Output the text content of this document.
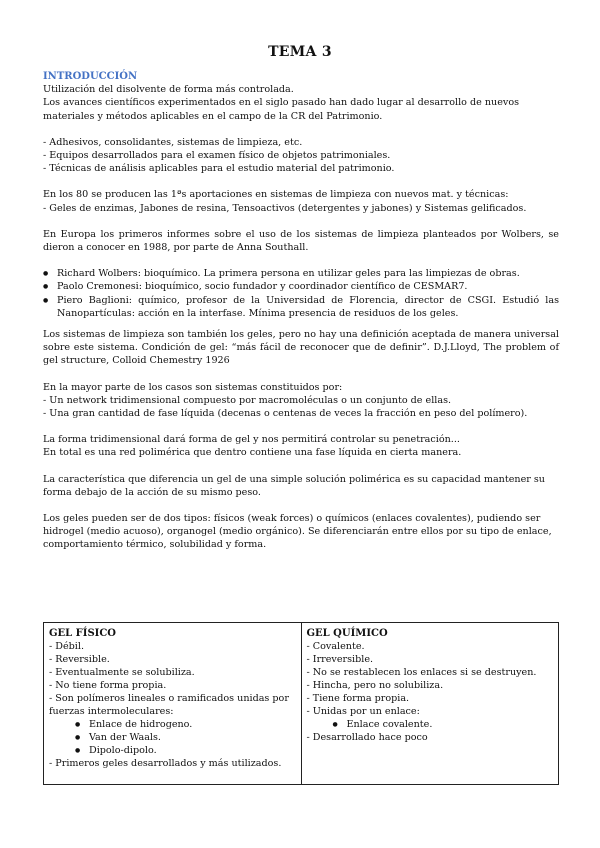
TEMA 3

INTRODUCCIÓN

Utilización del disolvente de forma más controlada.

Los avances científicos experimentados en el siglo pasado han dado lugar al desarrollo de nuevos materiales y métodos aplicables en el campo de la CR del Patrimonio.

- Adhesivos, consolidantes, sistemas de limpieza, etc.

- Equipos desarrollados para el examen físico de objetos patrimoniales.

- Técnicas de análisis aplicables para el estudio material del patrimonio.

En los 80 se producen las 1ªs aportaciones en sistemas de limpieza con nuevos mat. y técnicas:

- Geles de enzimas, Jabones de resina, Tensoactivos (detergentes y jabones) y Sistemas gelificados.

En Europa los primeros informes sobre el uso de los sistemas de limpieza planteados por Wolbers, se dieron a conocer en 1988, por parte de Anna Southall.

● Richard Wolbers: bioquímico. La primera persona en utilizar geles para las limpiezas de obras.
● Paolo Cremonesi: bioquímico, socio fundador y coordinador científico de CESMAR7.
● Piero Baglioni: químico, profesor de la Universidad de Florencia, director de CSGI. Estudió las Nanopartículas: acción en la interfase. Mínima presencia de residuos de los geles.

Los sistemas de limpieza son también los geles, pero no hay una definición aceptada de manera universal sobre este sistema. Condición de gel: “más fácil de reconocer que de definir”. D.J.Lloyd, The problem of gel structure, Colloid Chemestry 1926

En la mayor parte de los casos son sistemas constituidos por:

- Un network tridimensional compuesto por macromoléculas o un conjunto de ellas.

- Una gran cantidad de fase líquida (decenas o centenas de veces la fracción en peso del polímero).

La forma tridimensional dará forma de gel y nos permitirá controlar su penetración...

En total es una red polimérica que dentro contiene una fase líquida en cierta manera.

La característica que diferencia un gel de una simple solución polimérica es su capacidad mantener su forma debajo de la acción de su mismo peso.

Los geles pueden ser de dos tipos: físicos (weak forces) o químicos (enlaces covalentes), pudiendo ser hidrogel (medio acuoso), organogel (medio orgánico). Se diferenciarán entre ellos por su tipo de enlace, comportamiento térmico, solubilidad y forma.

GEL FÍSICO
- Débil.
- Reversible.
- Eventualmente se solubiliza.
- No tiene forma propia.
- Son polímeros lineales o ramificados unidas por fuerzas intermoleculares:
● Enlace de hidrogeno.
● Van der Waals.
● Dipolo-dipolo.
- Primeros geles desarrollados y más utilizados.

GEL QUÍMICO
- Covalente.
- Irreversible.
- No se restablecen los enlaces si se destruyen.
- Hincha, pero no solubiliza.
- Tiene forma propia.
- Unidas por un enlace:
● Enlace covalente.
- Desarrollado hace poco
